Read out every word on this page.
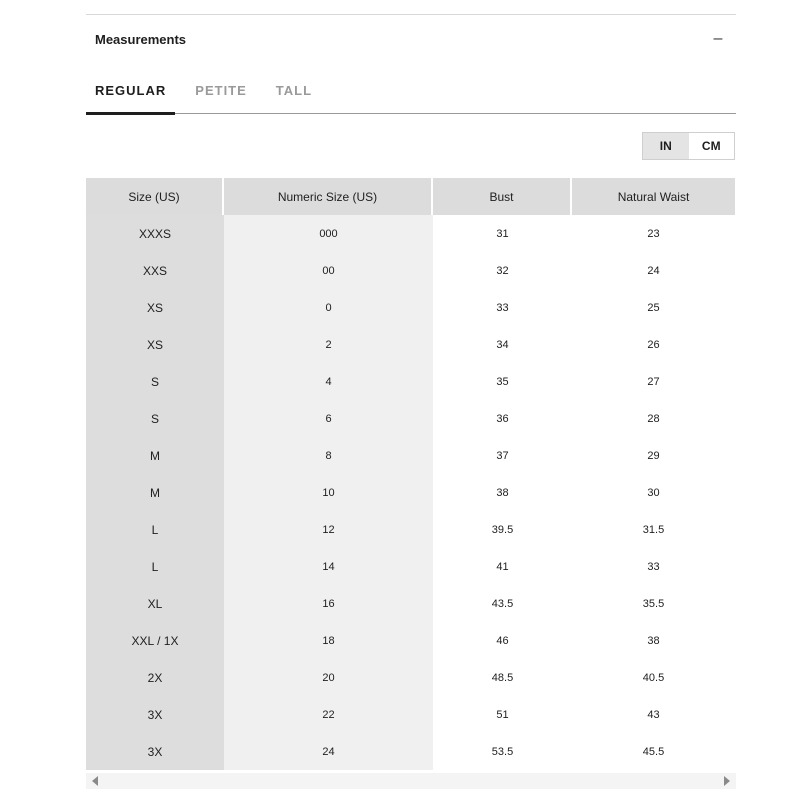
Measurements	–
REGULAR	PETITE	TALL
IN	CM
Size (US)	Numeric Size (US)	Bust	Natural Waist
XXXS	000	31	23
XXS	00	32	24
XS	0	33	25
XS	2	34	26
S	4	35	27
S	6	36	28
M	8	37	29
M	10	38	30
L	12	39.5	31.5
L	14	41	33
XL	16	43.5	35.5
XXL / 1X	18	46	38
2X	20	48.5	40.5
3X	22	51	43
3X	24	53.5	45.5
